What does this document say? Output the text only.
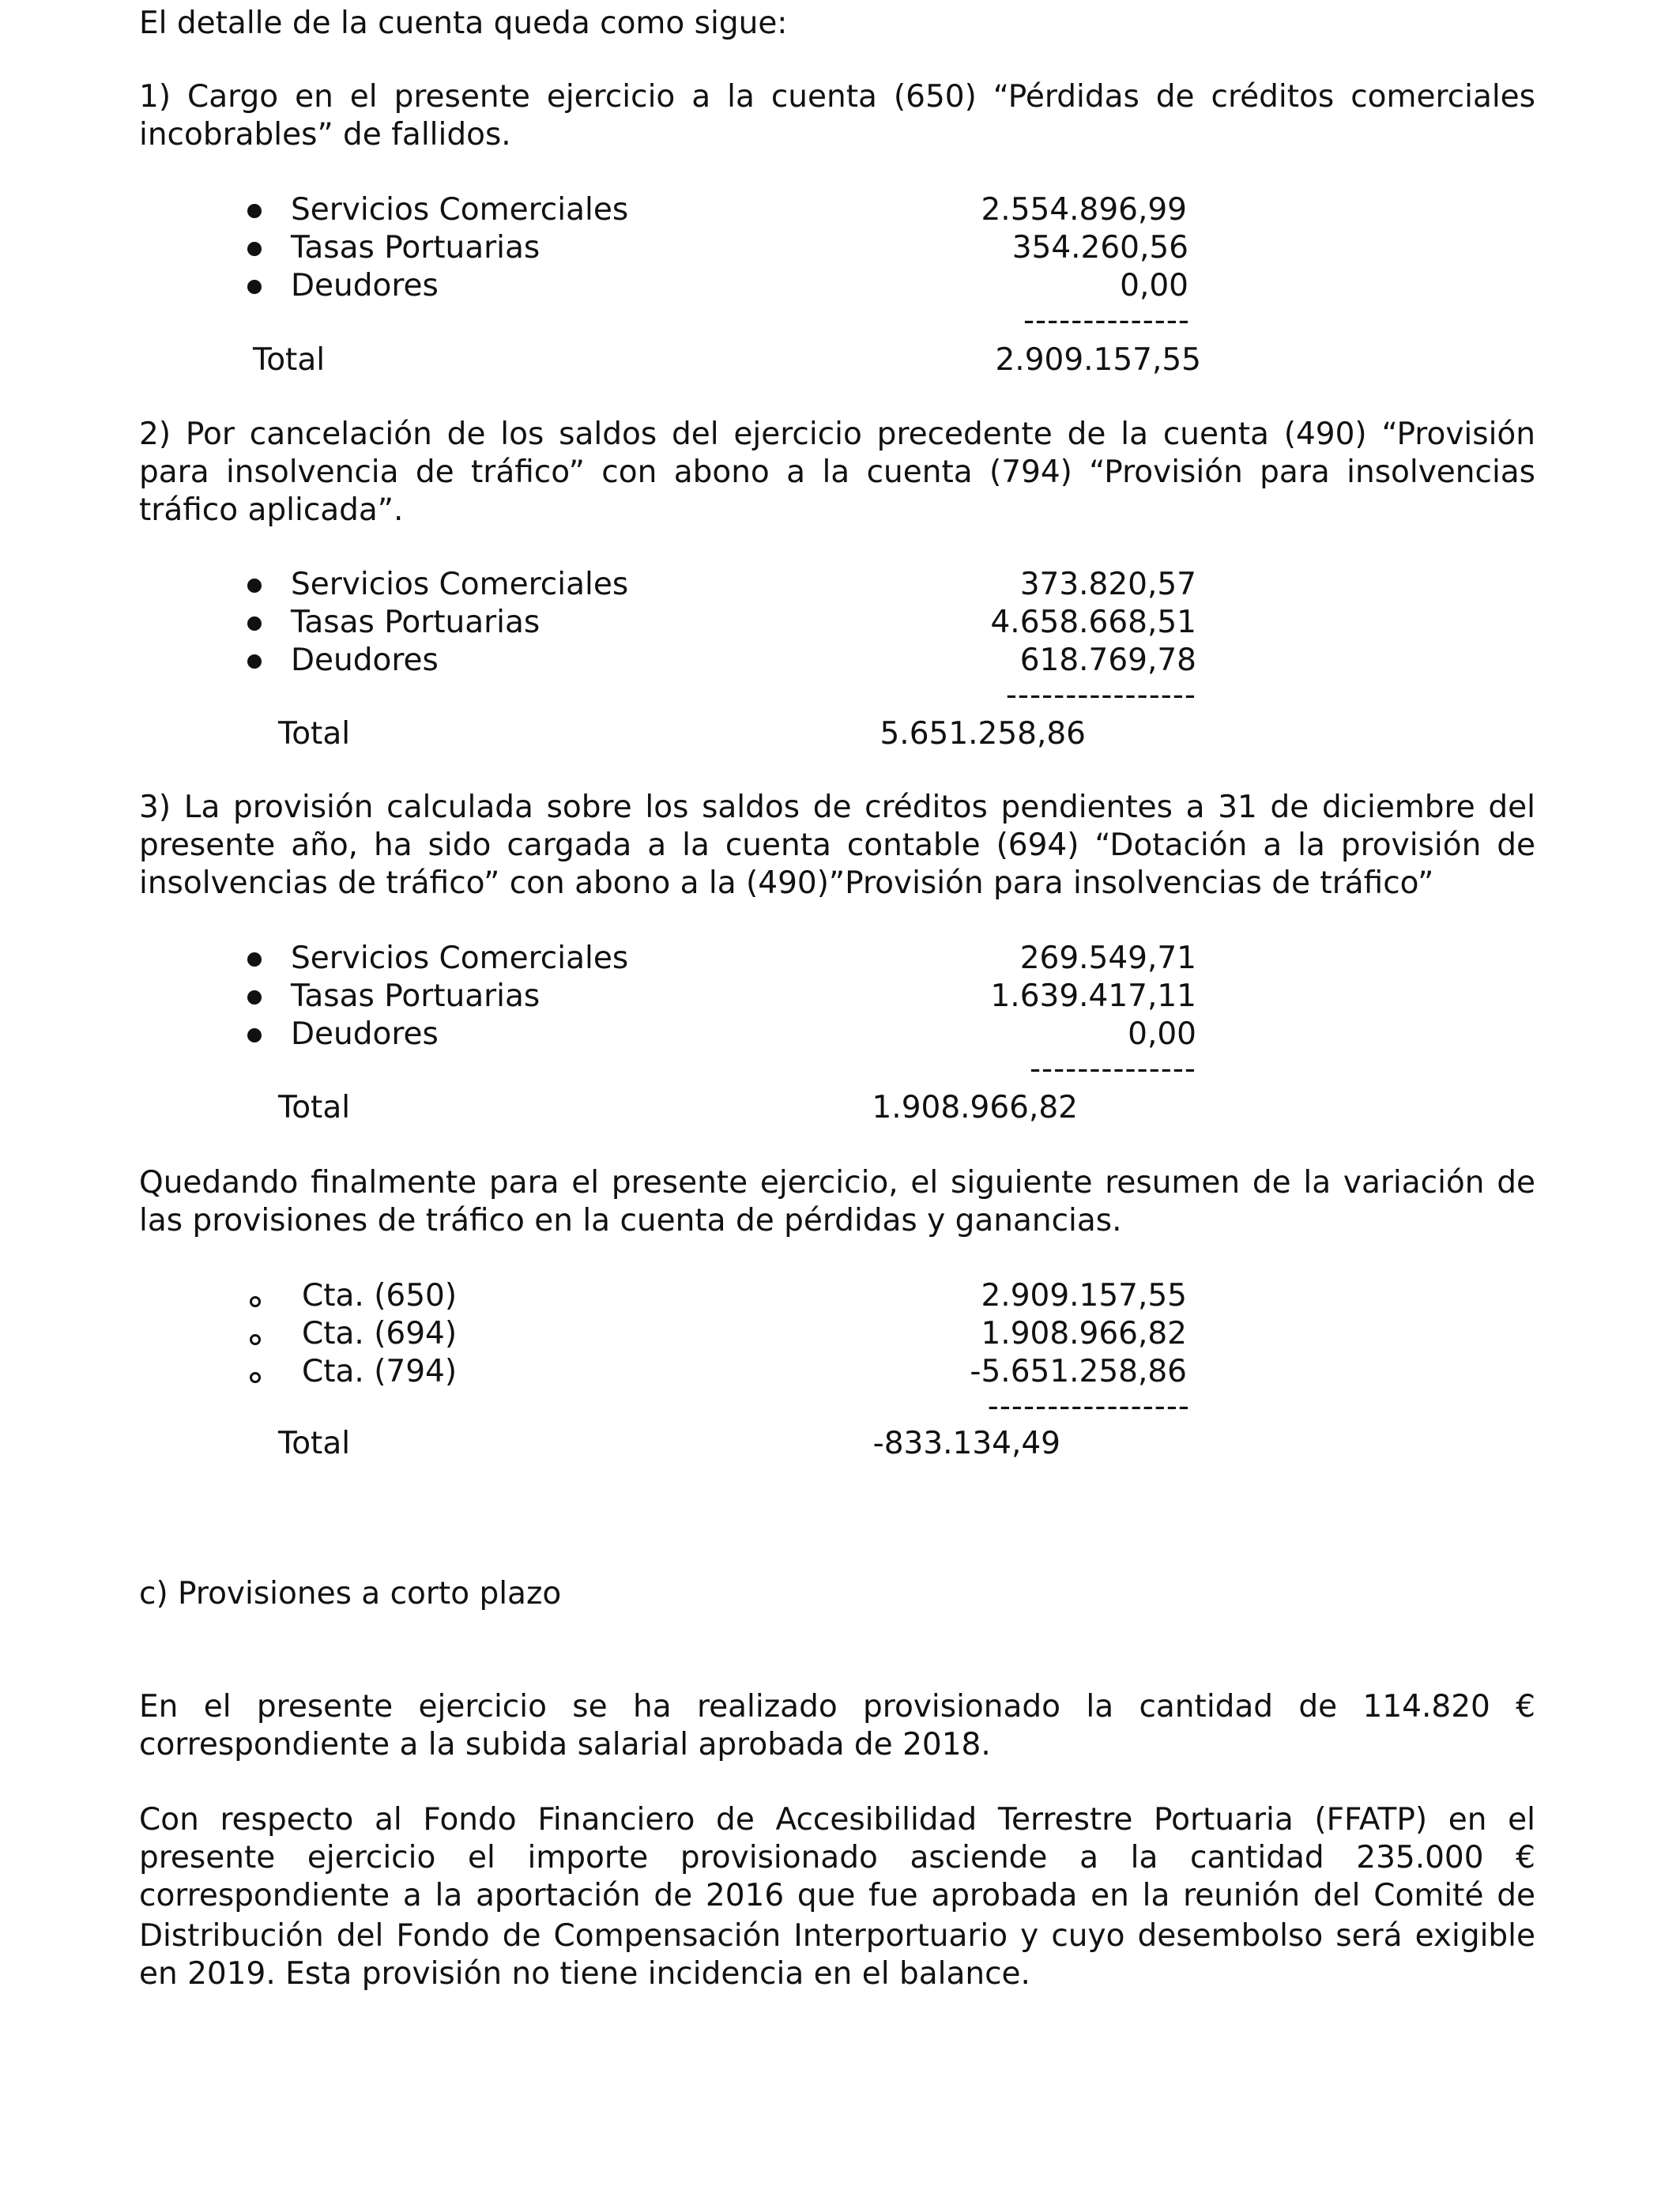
El detalle de la cuenta queda como sigue:
1) Cargo en el presente ejercicio a la cuenta (650) “Pérdidas de créditos comerciales
incobrables” de fallidos.
Servicios Comerciales	2.554.896,99
Tasas Portuarias	354.260,56
Deudores	0,00
--------------
Total	2.909.157,55
2) Por cancelación de los saldos del ejercicio precedente de la cuenta (490) “Provisión
para insolvencia de tráfico” con abono a la cuenta (794) “Provisión para insolvencias
tráfico aplicada”.
Servicios Comerciales	373.820,57
Tasas Portuarias	4.658.668,51
Deudores	618.769,78
----------------
Total	5.651.258,86
3) La provisión calculada sobre los saldos de créditos pendientes a 31 de diciembre del
presente año, ha sido cargada a la cuenta contable (694) “Dotación a la provisión de
insolvencias de tráfico” con abono a la (490)”Provisión para insolvencias de tráfico”
Servicios Comerciales	269.549,71
Tasas Portuarias	1.639.417,11
Deudores	0,00
--------------
Total	1.908.966,82
Quedando finalmente para el presente ejercicio, el siguiente resumen de la variación de
las provisiones de tráfico en la cuenta de pérdidas y ganancias.
Cta. (650)	2.909.157,55
Cta. (694)	1.908.966,82
Cta. (794)	-5.651.258,86
-----------------
Total	-833.134,49
c) Provisiones a corto plazo
En el presente ejercicio se ha realizado provisionado la cantidad de 114.820 €
correspondiente a la subida salarial aprobada de 2018.
Con respecto al Fondo Financiero de Accesibilidad Terrestre Portuaria (FFATP) en el
presente ejercicio el importe provisionado asciende a la cantidad 235.000 €
correspondiente a la aportación de 2016 que fue aprobada en la reunión del Comité de
Distribución del Fondo de Compensación Interportuario y cuyo desembolso será exigible
en 2019. Esta provisión no tiene incidencia en el balance.
